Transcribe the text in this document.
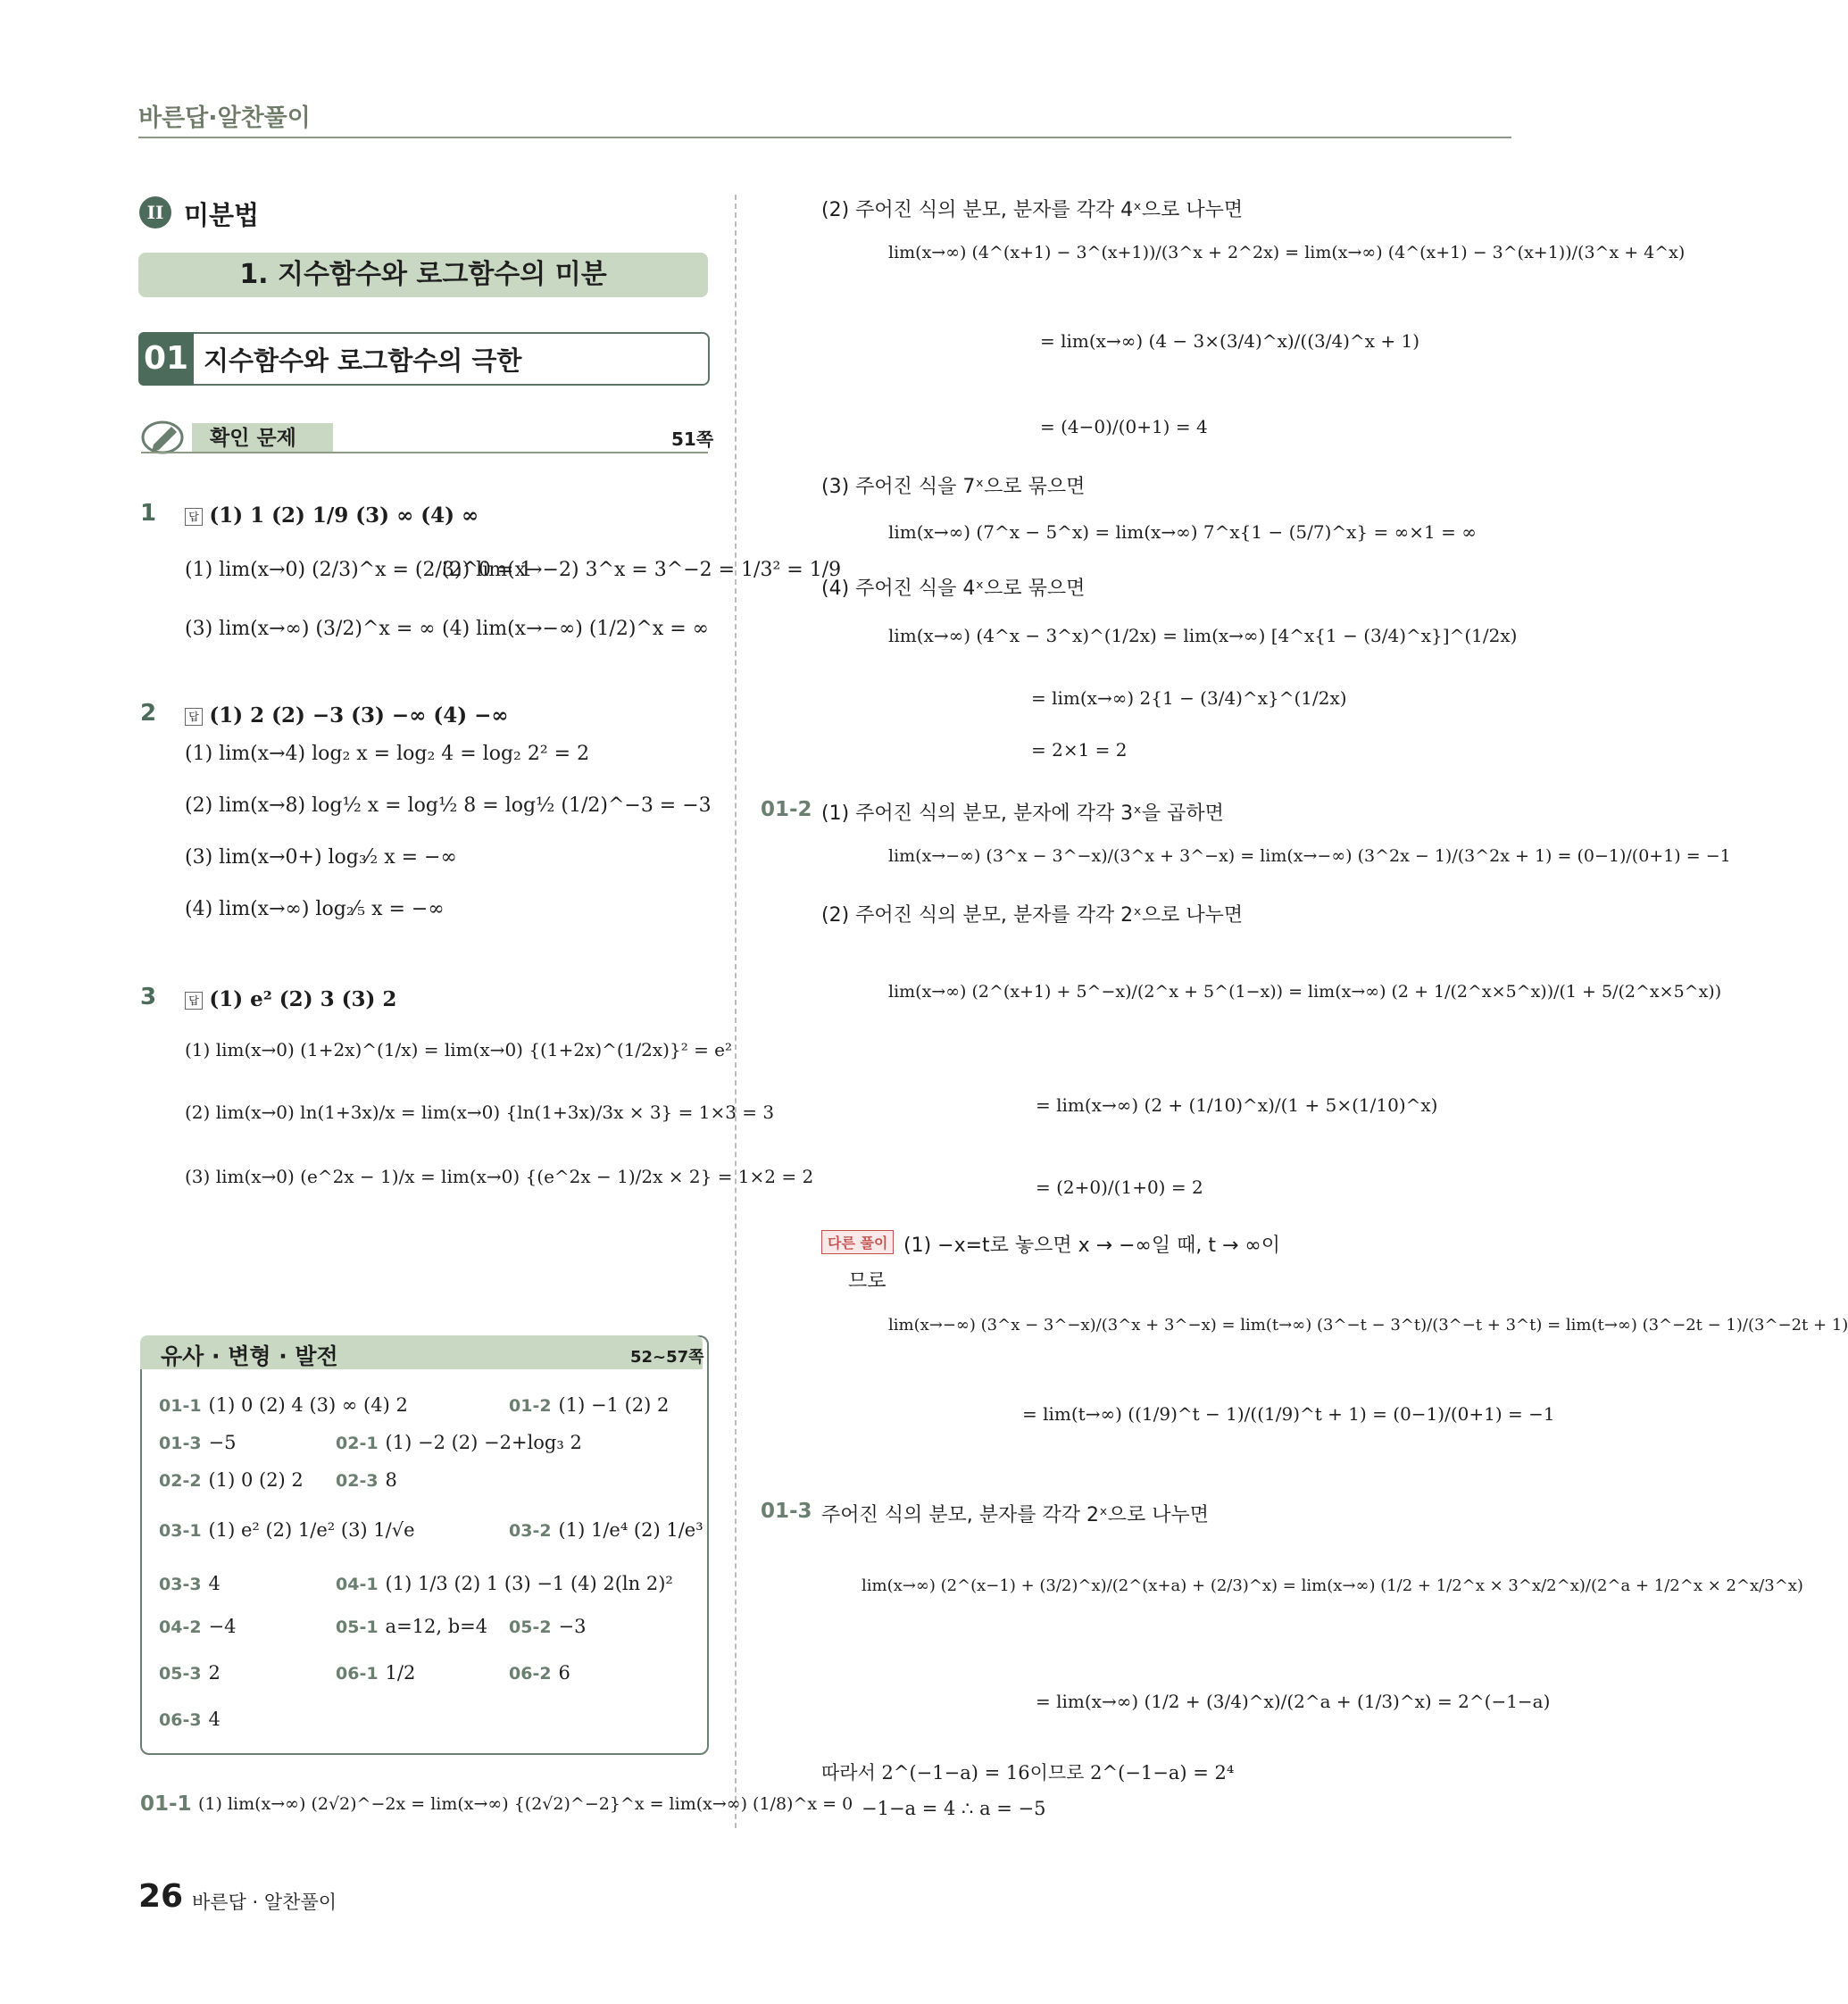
바른답·알찬풀이
II 미분법
1. 지수함수와 로그함수의 미분
01 지수함수와 로그함수의 극한
확인 문제	51쪽
1	답 (1) 1 (2) 1/9 (3) ∞ (4) ∞
(1) lim(x→0) (2/3)^x = (2/3)^0 = 1
(2) lim(x→−2) 3^x = 3^−2 = 1/3² = 1/9
(3) lim(x→∞) (3/2)^x = ∞ (4) lim(x→−∞) (1/2)^x = ∞
2	답 (1) 2 (2) −3 (3) −∞ (4) −∞
(1) lim(x→4) log₂ x = log₂ 4 = log₂ 2² = 2
(2) lim(x→8) log½ x = log½ 8 = log½ (1/2)^−3 = −3
(3) lim(x→0+) log₃⁄₂ x = −∞
(4) lim(x→∞) log₂⁄₅ x = −∞
3	답 (1) e² (2) 3 (3) 2
(1) lim(x→0) (1+2x)^(1/x) = lim(x→0) {(1+2x)^(1/2x)}² = e²
(2) lim(x→0) ln(1+3x)/x = lim(x→0) {ln(1+3x)/3x × 3} = 1×3 = 3
(3) lim(x→0) (e^2x − 1)/x = lim(x→0) {(e^2x − 1)/2x × 2} = 1×2 = 2
유사 · 변형 · 발전	52~57쪽
01-1 (1) 0 (2) 4 (3) ∞ (4) 2	01-2 (1) −1 (2) 2
01-3 −5	02-1 (1) −2 (2) −2+log₃ 2
02-2 (1) 0 (2) 2 02-3 8
03-1 (1) e² (2) 1/e² (3) 1/√e	03-2 (1) 1/e⁴ (2) 1/e³
03-3 4	04-1 (1) 1/3 (2) 1 (3) −1 (4) 2(ln 2)²
04-2 −4	05-1 a=12, b=4 05-2 −3
05-3 2	06-1 1/2	06-2 6
06-3 4
01-1 (1) lim(x→∞) (2√2)^−2x = lim(x→∞) {(2√2)^−2}^x = lim(x→∞) (1/8)^x = 0
(2) 주어진 식의 분모, 분자를 각각 4ˣ으로 나누면
lim(x→∞) (4^(x+1) − 3^(x+1))/(3^x + 2^2x) = lim(x→∞) (4^(x+1) − 3^(x+1))/(3^x + 4^x)
= lim(x→∞) (4 − 3×(3/4)^x)/((3/4)^x + 1)
= (4−0)/(0+1) = 4
(3) 주어진 식을 7ˣ으로 묶으면
lim(x→∞) (7^x − 5^x) = lim(x→∞) 7^x{1 − (5/7)^x} = ∞×1 = ∞
(4) 주어진 식을 4ˣ으로 묶으면
lim(x→∞) (4^x − 3^x)^(1/2x) = lim(x→∞) [4^x{1 − (3/4)^x}]^(1/2x)
= lim(x→∞) 2{1 − (3/4)^x}^(1/2x)
= 2×1 = 2
01-2 (1) 주어진 식의 분모, 분자에 각각 3ˣ을 곱하면
lim(x→−∞) (3^x − 3^−x)/(3^x + 3^−x) = lim(x→−∞) (3^2x − 1)/(3^2x + 1) = (0−1)/(0+1) = −1
(2) 주어진 식의 분모, 분자를 각각 2ˣ으로 나누면
lim(x→∞) (2^(x+1) + 5^−x)/(2^x + 5^(1−x)) = lim(x→∞) (2 + 1/(2^x×5^x))/(1 + 5/(2^x×5^x))
= lim(x→∞) (2 + (1/10)^x)/(1 + 5×(1/10)^x)
= (2+0)/(1+0) = 2
다른 풀이 (1) −x=t로 놓으면 x → −∞일 때, t → ∞이
므로
lim(x→−∞) (3^x − 3^−x)/(3^x + 3^−x) = lim(t→∞) (3^−t − 3^t)/(3^−t + 3^t) = lim(t→∞) (3^−2t − 1)/(3^−2t + 1)
= lim(t→∞) ((1/9)^t − 1)/((1/9)^t + 1) = (0−1)/(0+1) = −1
01-3 주어진 식의 분모, 분자를 각각 2ˣ으로 나누면
lim(x→∞) (2^(x−1) + (3/2)^x)/(2^(x+a) + (2/3)^x) = lim(x→∞) (1/2 + 1/2^x × 3^x/2^x)/(2^a + 1/2^x × 2^x/3^x)
= lim(x→∞) (1/2 + (3/4)^x)/(2^a + (1/3)^x) = 2^(−1−a)
따라서 2^(−1−a) = 16이므로 2^(−1−a) = 2⁴
−1−a = 4 ∴ a = −5
26 바른답 · 알찬풀이
